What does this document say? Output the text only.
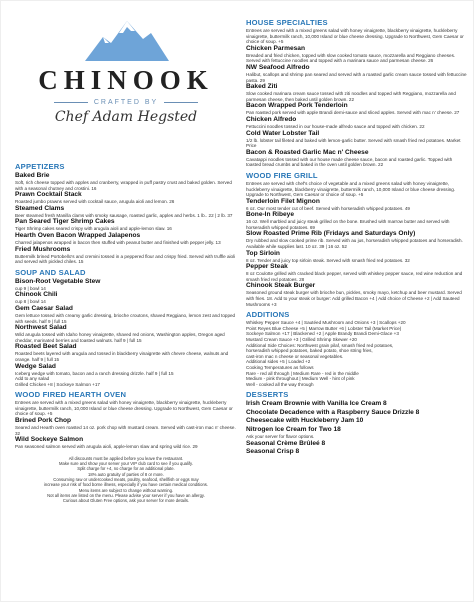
CHINOOK
CRAFTED BY
Chef Adam Hegsted
APPETIZERS
Baked Brie
Soft, rich cheese topped with apples and cranberry, wrapped in puff pastry crust and baked golden. Served with a seasonal chutney and crostini. 16
Prawn Cocktail Stack
Roasted jumbo prawns served with cocktail sauce, arugula aioli and lemon. 26
Steamed Clams
Beer steamed fresh Manilla clams with smoky sausage, roasted garlic, apples and herbs. 1 lb.. 22 | 2 lb. 37
Pan Seared Tiger Shrimp Cakes
Tiger Shrimp cakes seared crispy with arugula aioli and apple-lemon slaw. 16
Hearth Oven Bacon Wrapped Jalapenos
Charred jalapenos wrapped in bacon then stuffed with peanut butter and finished with pepper jelly. 13
Fried Mushrooms
Buttermilk brined Portobello's and cremini tossed in a peppered flour and crispy fried. Served with truffle aioli and served with pickled chiles. 15
SOUP AND SALAD
Bison-Root Vegetable Stew
cup 9 | bowl 14
Chinook Chili
cup 8 | bowl 14
Gem Caesar Salad
Gem lettuce tossed with creamy garlic dressing, brioche croutons, shaved Reggiano, lemon zest and topped with seeds. half 9 | full 15
Northwest Salad
Wild arugula tossed with Idaho honey vinaigrette, shaved red onions, Washington apples, Oregon aged cheddar, marinated berries and toasted walnuts. half 9 | full 15
Roasted Beet Salad
Roasted beets layered with arugula and tossed in blackberry vinaigrette with chevre cheese, walnuts and orange. half 9 | full 15
Wedge Salad
Iceberg wedge with tomato, bacon and a ranch dressing drizzle. half 9 | full 15
Add to any salad
Grilled Chicken +8 | Sockeye Salmon +17
WOOD FIRED HEARTH OVEN
Entrees are served with a mixed greens salad with honey vinaigrette, blackberry vinaigrette, huckleberry vinaigrette, buttermilk ranch, 10,000 Island or blue cheese dressing. Upgrade to Northwest, Gem Caesar or choice of soup. +5
Brined Pork Chop
Seared and Hearth oven roasted 14 oz. pork chop with mustard cream. Served with cast-iron mac n' cheese. 32
Wild Sockeye Salmon
Pan seasoned salmon served with arugula aioli, apple-lemon slaw and spring wild rice. 29
All discounts must be applied before you leave the restaurant.
Make sure and show your server your VIP club card to see if you qualify.
Split charge for +4, no charge for an additional plate.
18% auto gratuity of parties of 8 or more.
Consuming raw or undercooked meats, poultry, seafood, shellfish or eggs may
increase your risk of food borne illness, especially if you have certain medical conditions.
Menu items are subject to change without warning.
Not all items are listed on the menu. Please advise your server if you have an allergy.
Curious about Gluten Free options, ask your server for more details.
HOUSE SPECIALTIES
Entrees are served with a mixed greens salad with honey vinaigrette, blackberry vinaigrette, huckleberry vinaigrette, buttermilk ranch, 10,000 Island or blue cheese dressing. Upgrade to Northwest, Gem Caesar or choice of soup. +5
Chicken Parmesan
Breaded and fried chicken, topped with slow cooked tomato sauce, mozzarella and Reggiano cheeses. Served with fettuccine noodles and topped with a marinara sauce and parmesan cheese. 26
NW Seafood Alfredo
Halibut, scallops and shrimp pan seared and served with a roasted garlic cream sauce tossed with fettuccine pasta. 29
Baked Ziti
Slow cooked marinara cream sauce tossed with ziti noodles and topped with Reggiano, mozzarella and parmesan cheese, then baked until golden brown. 22
Bacon Wrapped Pork Tenderloin
Pan roasted pork served with apple Brandi demi-sauce and sliced apples. Served with mac n' cheese. 27
Chicken Alfredo
Fettuccini noodles tossed in our house-made alfredo sauce and topped with chicken. 22
Cold Water Lobster Tail
1/2 lb. lobster tail fileted and baked with lemon-garlic butter. Served with smash fried red potatoes. Market Price
Bacon & Roasted Garlic Mac n' Cheese
Cavatappi noodles tossed with our house made cheese sauce, bacon and roasted garlic. Topped with toasted bread crumbs and baked in the oven until golden brown. 22
WOOD FIRE GRILL
Entrees are served with chef's choice of vegetable and a mixed greens salad with honey vinaigrette, huckleberry vinaigrette, blackberry vinaigrette, buttermilk ranch, 10,000 Island or blue cheese dressing. Upgrade to Northwest, Gem Caesar or choice of soup. +5
Tenderloin Filet Mignon
6 oz. Our most tender cut of beef. Served with horseradish whipped potatoes. 49
Bone-In Ribeye
16 oz. Well marbled and juicy steak grilled on the bone. Brushed with marrow butter and served with horseradish whipped potatoes. 69
Slow Roasted Prime Rib (Fridays and Saturdays Only)
Dry rubbed and slow cooked prime rib. Served with au jus, horseradish whipped potatoes and horseradish. Available while supplies last. 10 oz. 39 | 16 oz. 52
Top Sirloin
8 oz. Tender and juicy top sirloin steak. Served with smash fried red potatoes. 32
Pepper Steak
8 oz Coulotte grilled with cracked black pepper, served with whiskey pepper sauce, red wine reduction and smash fried red potatoes. 28
Chinook Steak Burger
Seasoned ground steak burger with brioche bun, pickles, smoky mayo, ketchup and beer mustard. Served with fries. 18. Add to your steak or burger: Add grilled Bacon +4 | Add choice of Cheese +2 | Add Sauteed Mushrooms +3
ADDITIONS
Whiskey Pepper Sauce +4 | Sautéed Mushroom and Onions +3 | Scallops +20
Point Reyes Blue Cheese +5 | Marrow Butter +6 | Lobster Tail (Market Price)
Sockeye Salmon +17 | Blackened +2 | Apple Brandy Brandi Demi-Glace +3
Mustard Cream Sauce +3 | Grilled Shrimp Skewer +20
Additional Side Choices: Northwest grain pilaf, smash fried red potatoes,
horseradish whipped potatoes, baked potato, shoe string fries,
cast-iron mac n cheese or seasonal vegetables.
Additional sides +5 | Loaded +2
Cooking Temperatures as follows
Rare - red all through | Medium Rare - red in the middle
Medium - pink throughout | Medium Well - hint of pink
Well - cooked all the way through
DESSERTS
Irish Cream Brownie with Vanilla Ice Cream 8
Chocolate Decadence with a Raspberry Sauce Drizzle 8
Cheesecake with Huckleberry Jam 10
Nitrogen Ice Cream for Two 18
Ask your server for flavor options.
Seasonal Crème Brûleé 8
Seasonal Crisp 8
